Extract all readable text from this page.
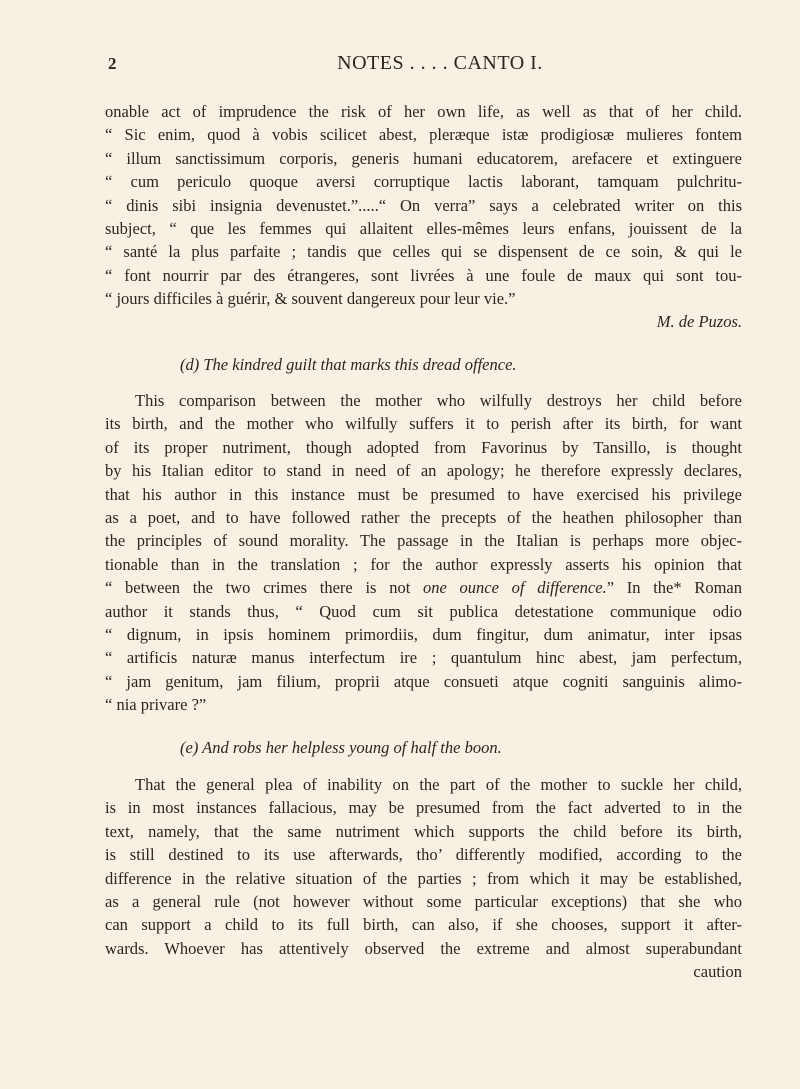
2	NOTES . . . . CANTO I.
onable act of imprudence the risk of her own life, as well as that of her child.
“ Sic enim, quod à vobis scilicet abest, pleræque istæ prodigiosæ mulieres fontem
“ illum sanctissimum corporis, generis humani educatorem, arefacere et extinguere
“ cum periculo quoque aversi corruptique lactis laborant, tamquam pulchritu-
“ dinis sibi insignia devenustet.”.....“ On verra” says a celebrated writer on this
subject, “ que les femmes qui allaitent elles-mêmes leurs enfans, jouissent de la
“ santé la plus parfaite ; tandis que celles qui se dispensent de ce soin, & qui le
“ font nourrir par des étrangeres, sont livrées à une foule de maux qui sont tou-
“ jours difficiles à guérir, & souvent dangereux pour leur vie.”
M. de Puzos.
(d) The kindred guilt that marks this dread offence.
This comparison between the mother who wilfully destroys her child before
its birth, and the mother who wilfully suffers it to perish after its birth, for want
of its proper nutriment, though adopted from Favorinus by Tansillo, is thought
by his Italian editor to stand in need of an apology; he therefore expressly declares,
that his author in this instance must be presumed to have exercised his privilege
as a poet, and to have followed rather the precepts of the heathen philosopher than
the principles of sound morality. The passage in the Italian is perhaps more objec-
tionable than in the translation ; for the author expressly asserts his opinion that
“ between the two crimes there is not one ounce of difference.” In the* Roman
author it stands thus, “ Quod cum sit publica detestatione communique odio
“ dignum, in ipsis hominem primordiis, dum fingitur, dum animatur, inter ipsas
“ artificis naturæ manus interfectum ire ; quantulum hinc abest, jam perfectum,
“ jam genitum, jam filium, proprii atque consueti atque cogniti sanguinis alimo-
“ nia privare ?”
(e) And robs her helpless young of half the boon.
That the general plea of inability on the part of the mother to suckle her child,
is in most instances fallacious, may be presumed from the fact adverted to in the
text, namely, that the same nutriment which supports the child before its birth,
is still destined to its use afterwards, tho’ differently modified, according to the
difference in the relative situation of the parties ; from which it may be established,
as a general rule (not however without some particular exceptions) that she who
can support a child to its full birth, can also, if she chooses, support it after-
wards. Whoever has attentively observed the extreme and almost superabundant
caution
